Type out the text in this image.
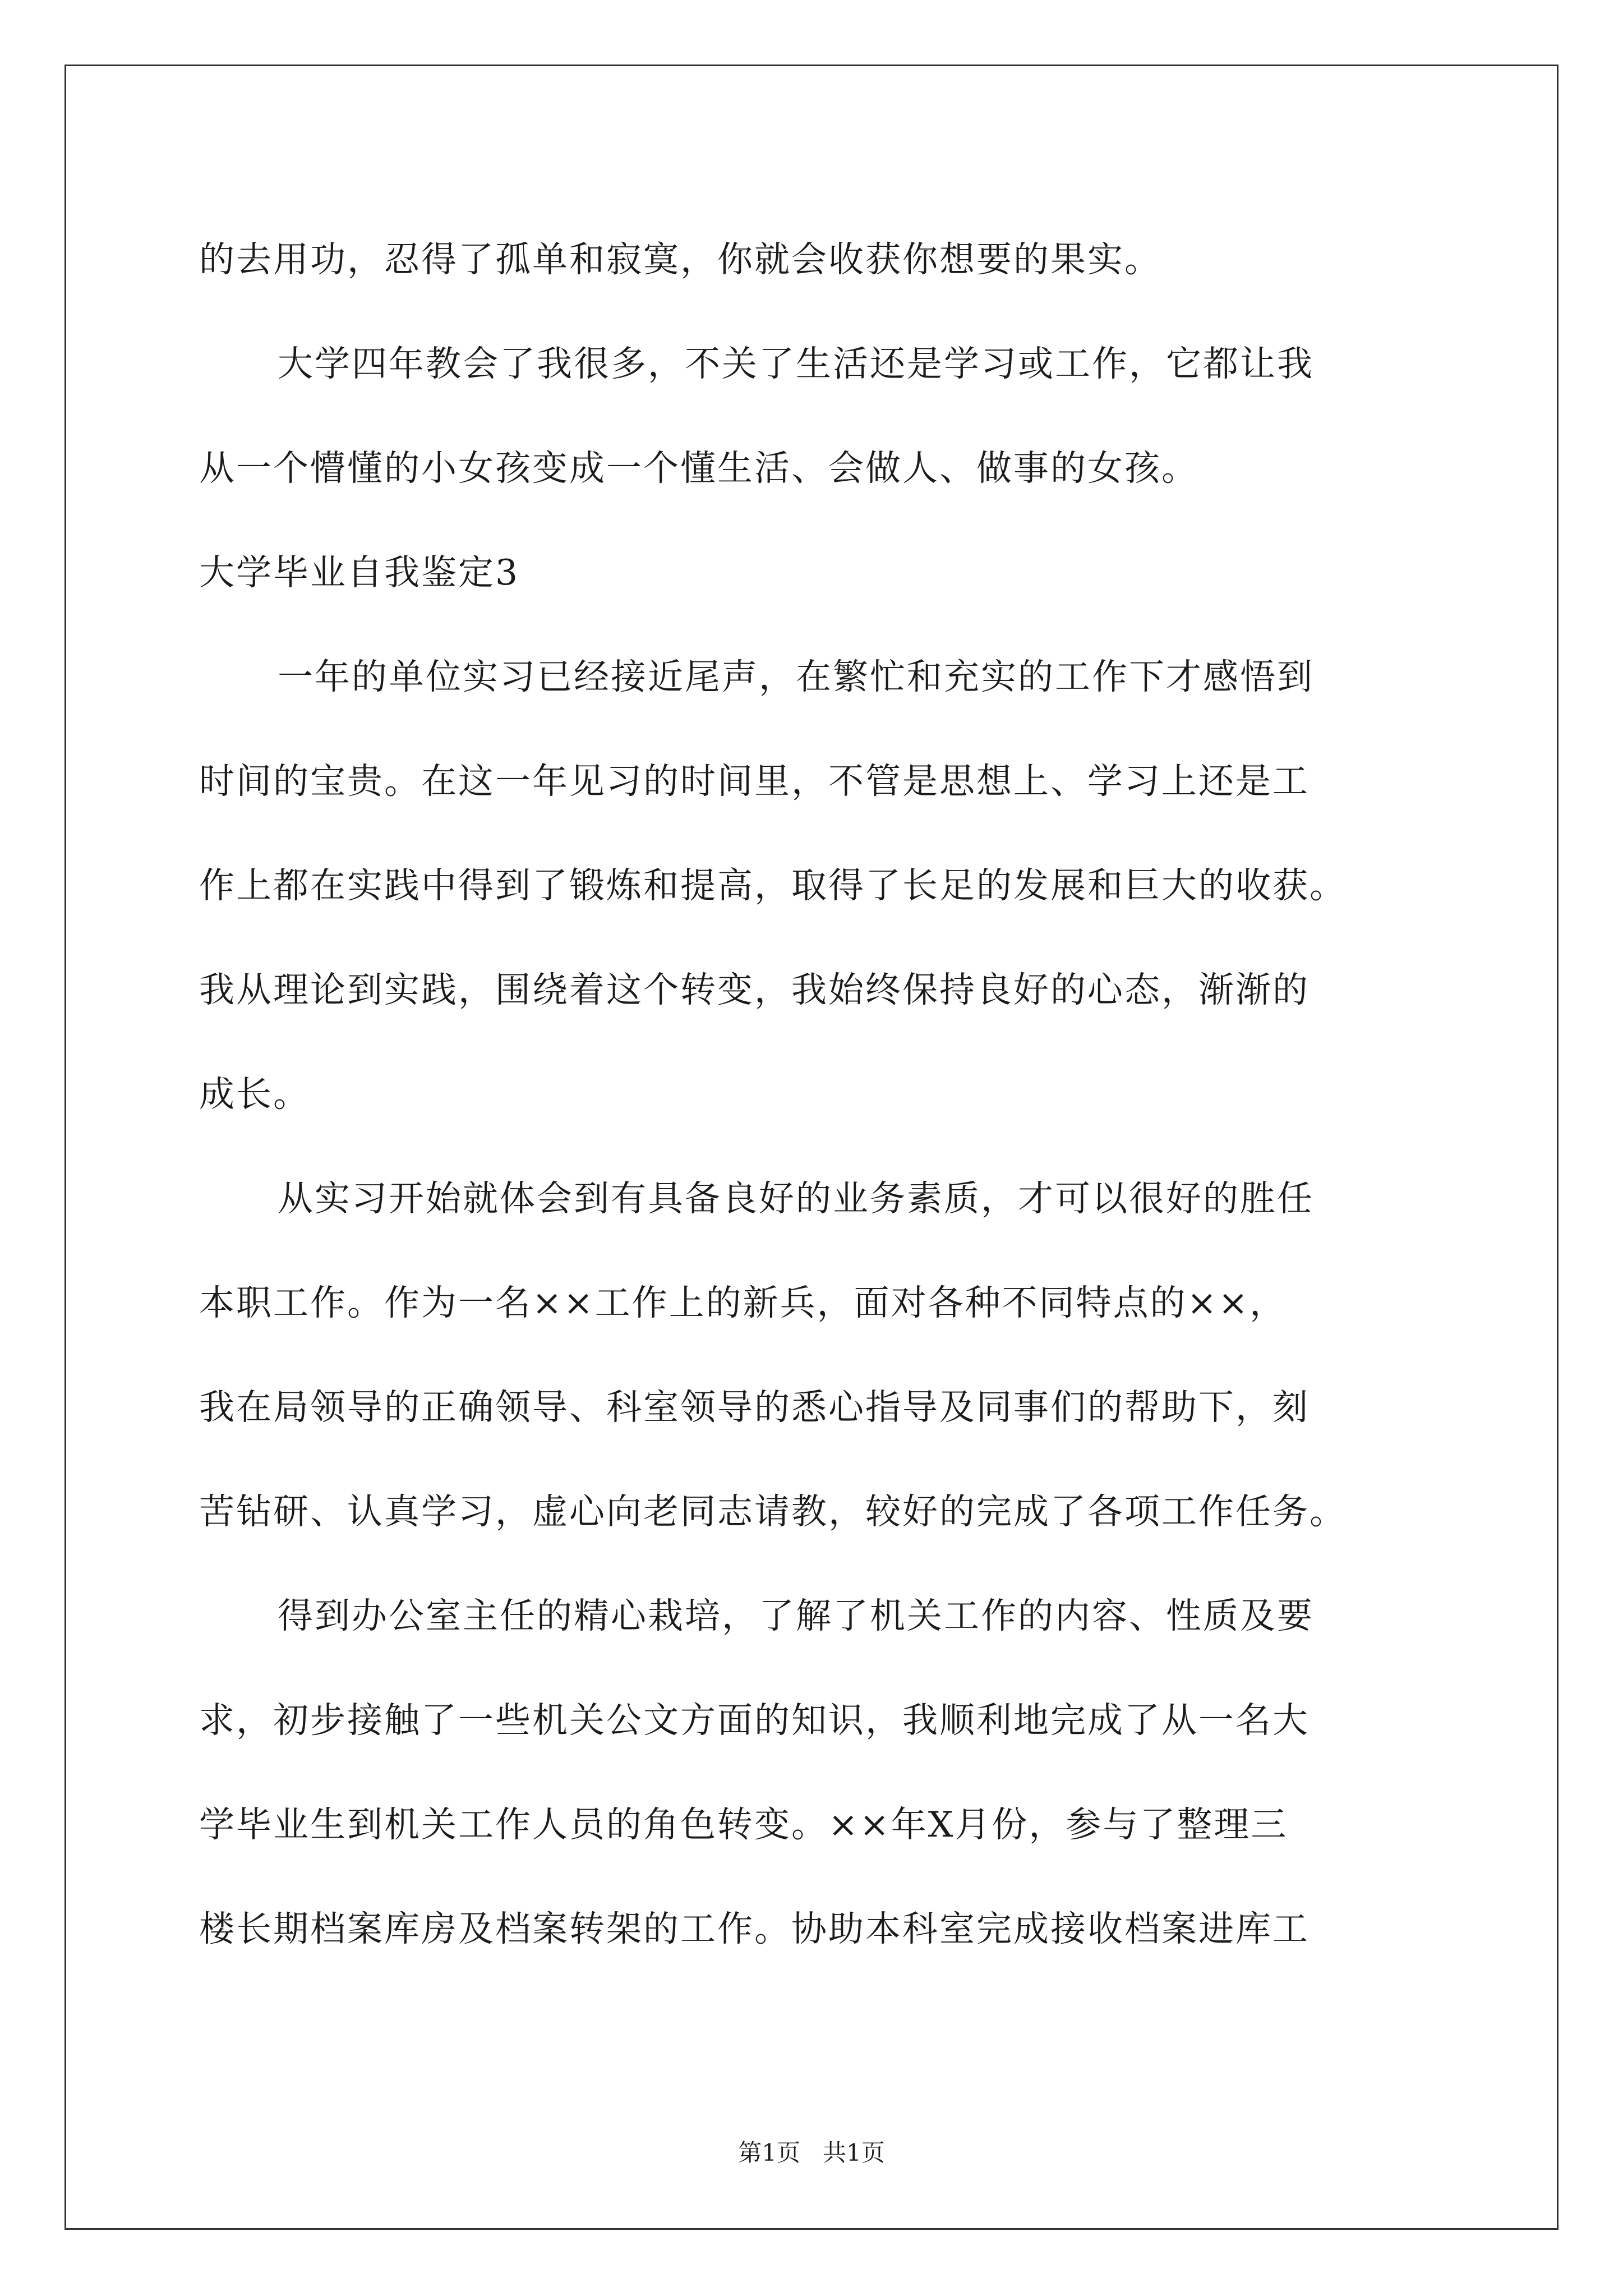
的去用功，忍得了孤单和寂寞，你就会收获你想要的果实。
大学四年教会了我很多，不关了生活还是学习或工作，它都让我
从一个懵懂的小女孩变成一个懂生活、会做人、做事的女孩。
大学毕业自我鉴定3
一年的单位实习已经接近尾声，在繁忙和充实的工作下才感悟到
时间的宝贵。在这一年见习的时间里，不管是思想上、学习上还是工
作上都在实践中得到了锻炼和提高，取得了长足的发展和巨大的收获。
我从理论到实践，围绕着这个转变，我始终保持良好的心态，渐渐的
成长。
从实习开始就体会到有具备良好的业务素质，才可以很好的胜任
本职工作。作为一名××工作上的新兵，面对各种不同特点的××，
我在局领导的正确领导、科室领导的悉心指导及同事们的帮助下，刻
苦钻研、认真学习，虚心向老同志请教，较好的完成了各项工作任务。
得到办公室主任的精心栽培，了解了机关工作的内容、性质及要
求，初步接触了一些机关公文方面的知识，我顺利地完成了从一名大
学毕业生到机关工作人员的角色转变。××年X月份，参与了整理三
楼长期档案库房及档案转架的工作。协助本科室完成接收档案进库工
第1页   共1页
